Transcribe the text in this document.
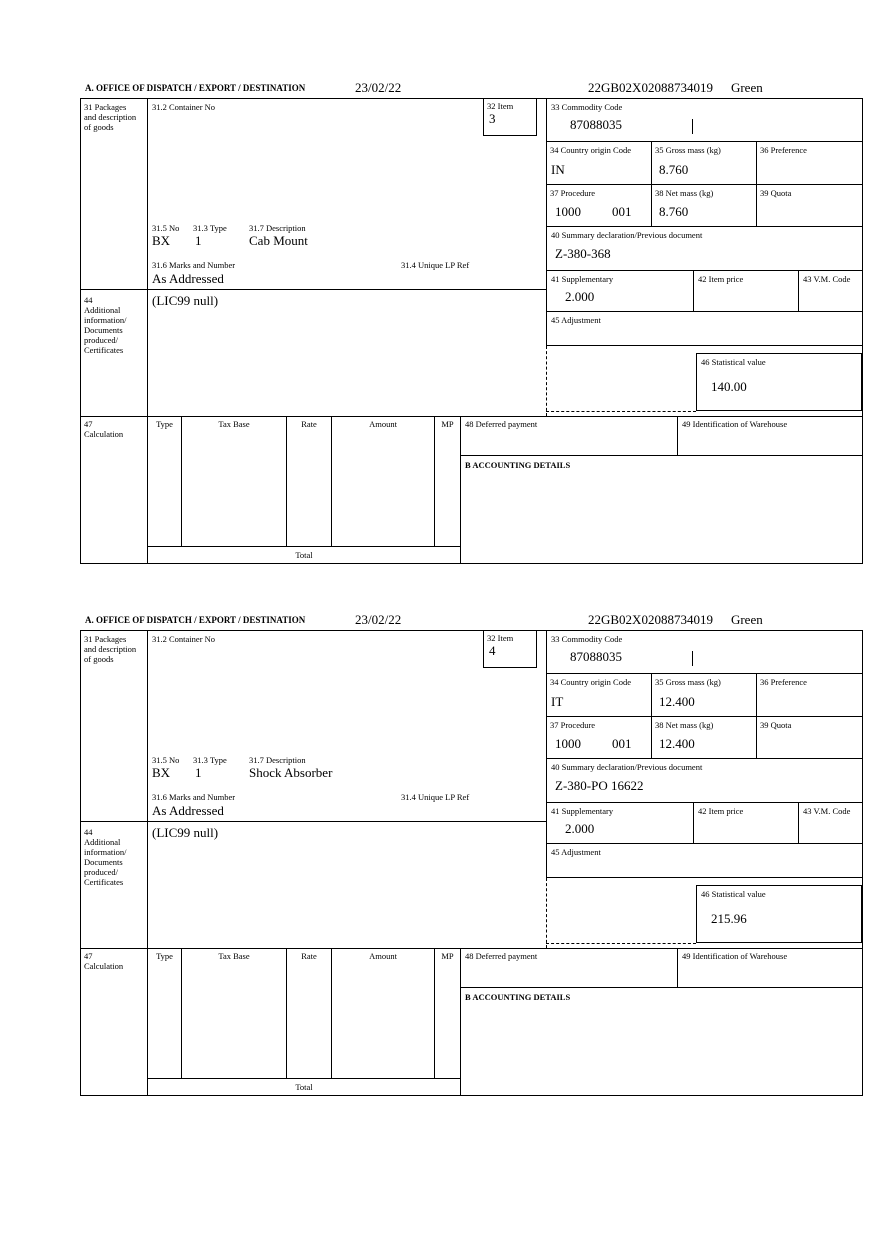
A. OFFICE OF DISPATCH / EXPORT / DESTINATION	23/02/22	22GB02X02088734019 Green
31 Packages and description of goods
44
Additional information/ Documents produced/ Certificates
47
Calculation
31.2 Container No	32 Item
3
33 Commodity Code
87088035
34 Country origin Code
IN
35 Gross mass (kg)
8.760
36 Preference
37 Procedure
1000 001
38 Net mass (kg)
8.760
39 Quota
40 Summary declaration/Previous document
Z-380-368
41 Supplementary
2.000
42 Item price	43 V.M. Code
45 Adjustment
46 Statistical value
140.00
31.5 No 31.3 Type	31.7 Description
BX 1	Cab Mount
31.6 Marks and Number	31.4 Unique LP Ref
As Addressed
(LIC99 null)
Type	Tax Base	Rate	Amount	MP
Total
48 Deferred payment	49 Identification of Warehouse
B ACCOUNTING DETAILS
A. OFFICE OF DISPATCH / EXPORT / DESTINATION	23/02/22	22GB02X02088734019 Green
31 Packages and description of goods
44
Additional information/ Documents produced/ Certificates
47
Calculation
31.2 Container No	32 Item
4
33 Commodity Code
87088035
34 Country origin Code
IT
35 Gross mass (kg)
12.400
36 Preference
37 Procedure
1000 001
38 Net mass (kg)
12.400
39 Quota
40 Summary declaration/Previous document
Z-380-PO 16622
41 Supplementary
2.000
42 Item price	43 V.M. Code
45 Adjustment
46 Statistical value
215.96
31.5 No 31.3 Type	31.7 Description
BX 1	Shock Absorber
31.6 Marks and Number	31.4 Unique LP Ref
As Addressed
(LIC99 null)
Type	Tax Base	Rate	Amount	MP
Total
48 Deferred payment	49 Identification of Warehouse
B ACCOUNTING DETAILS
